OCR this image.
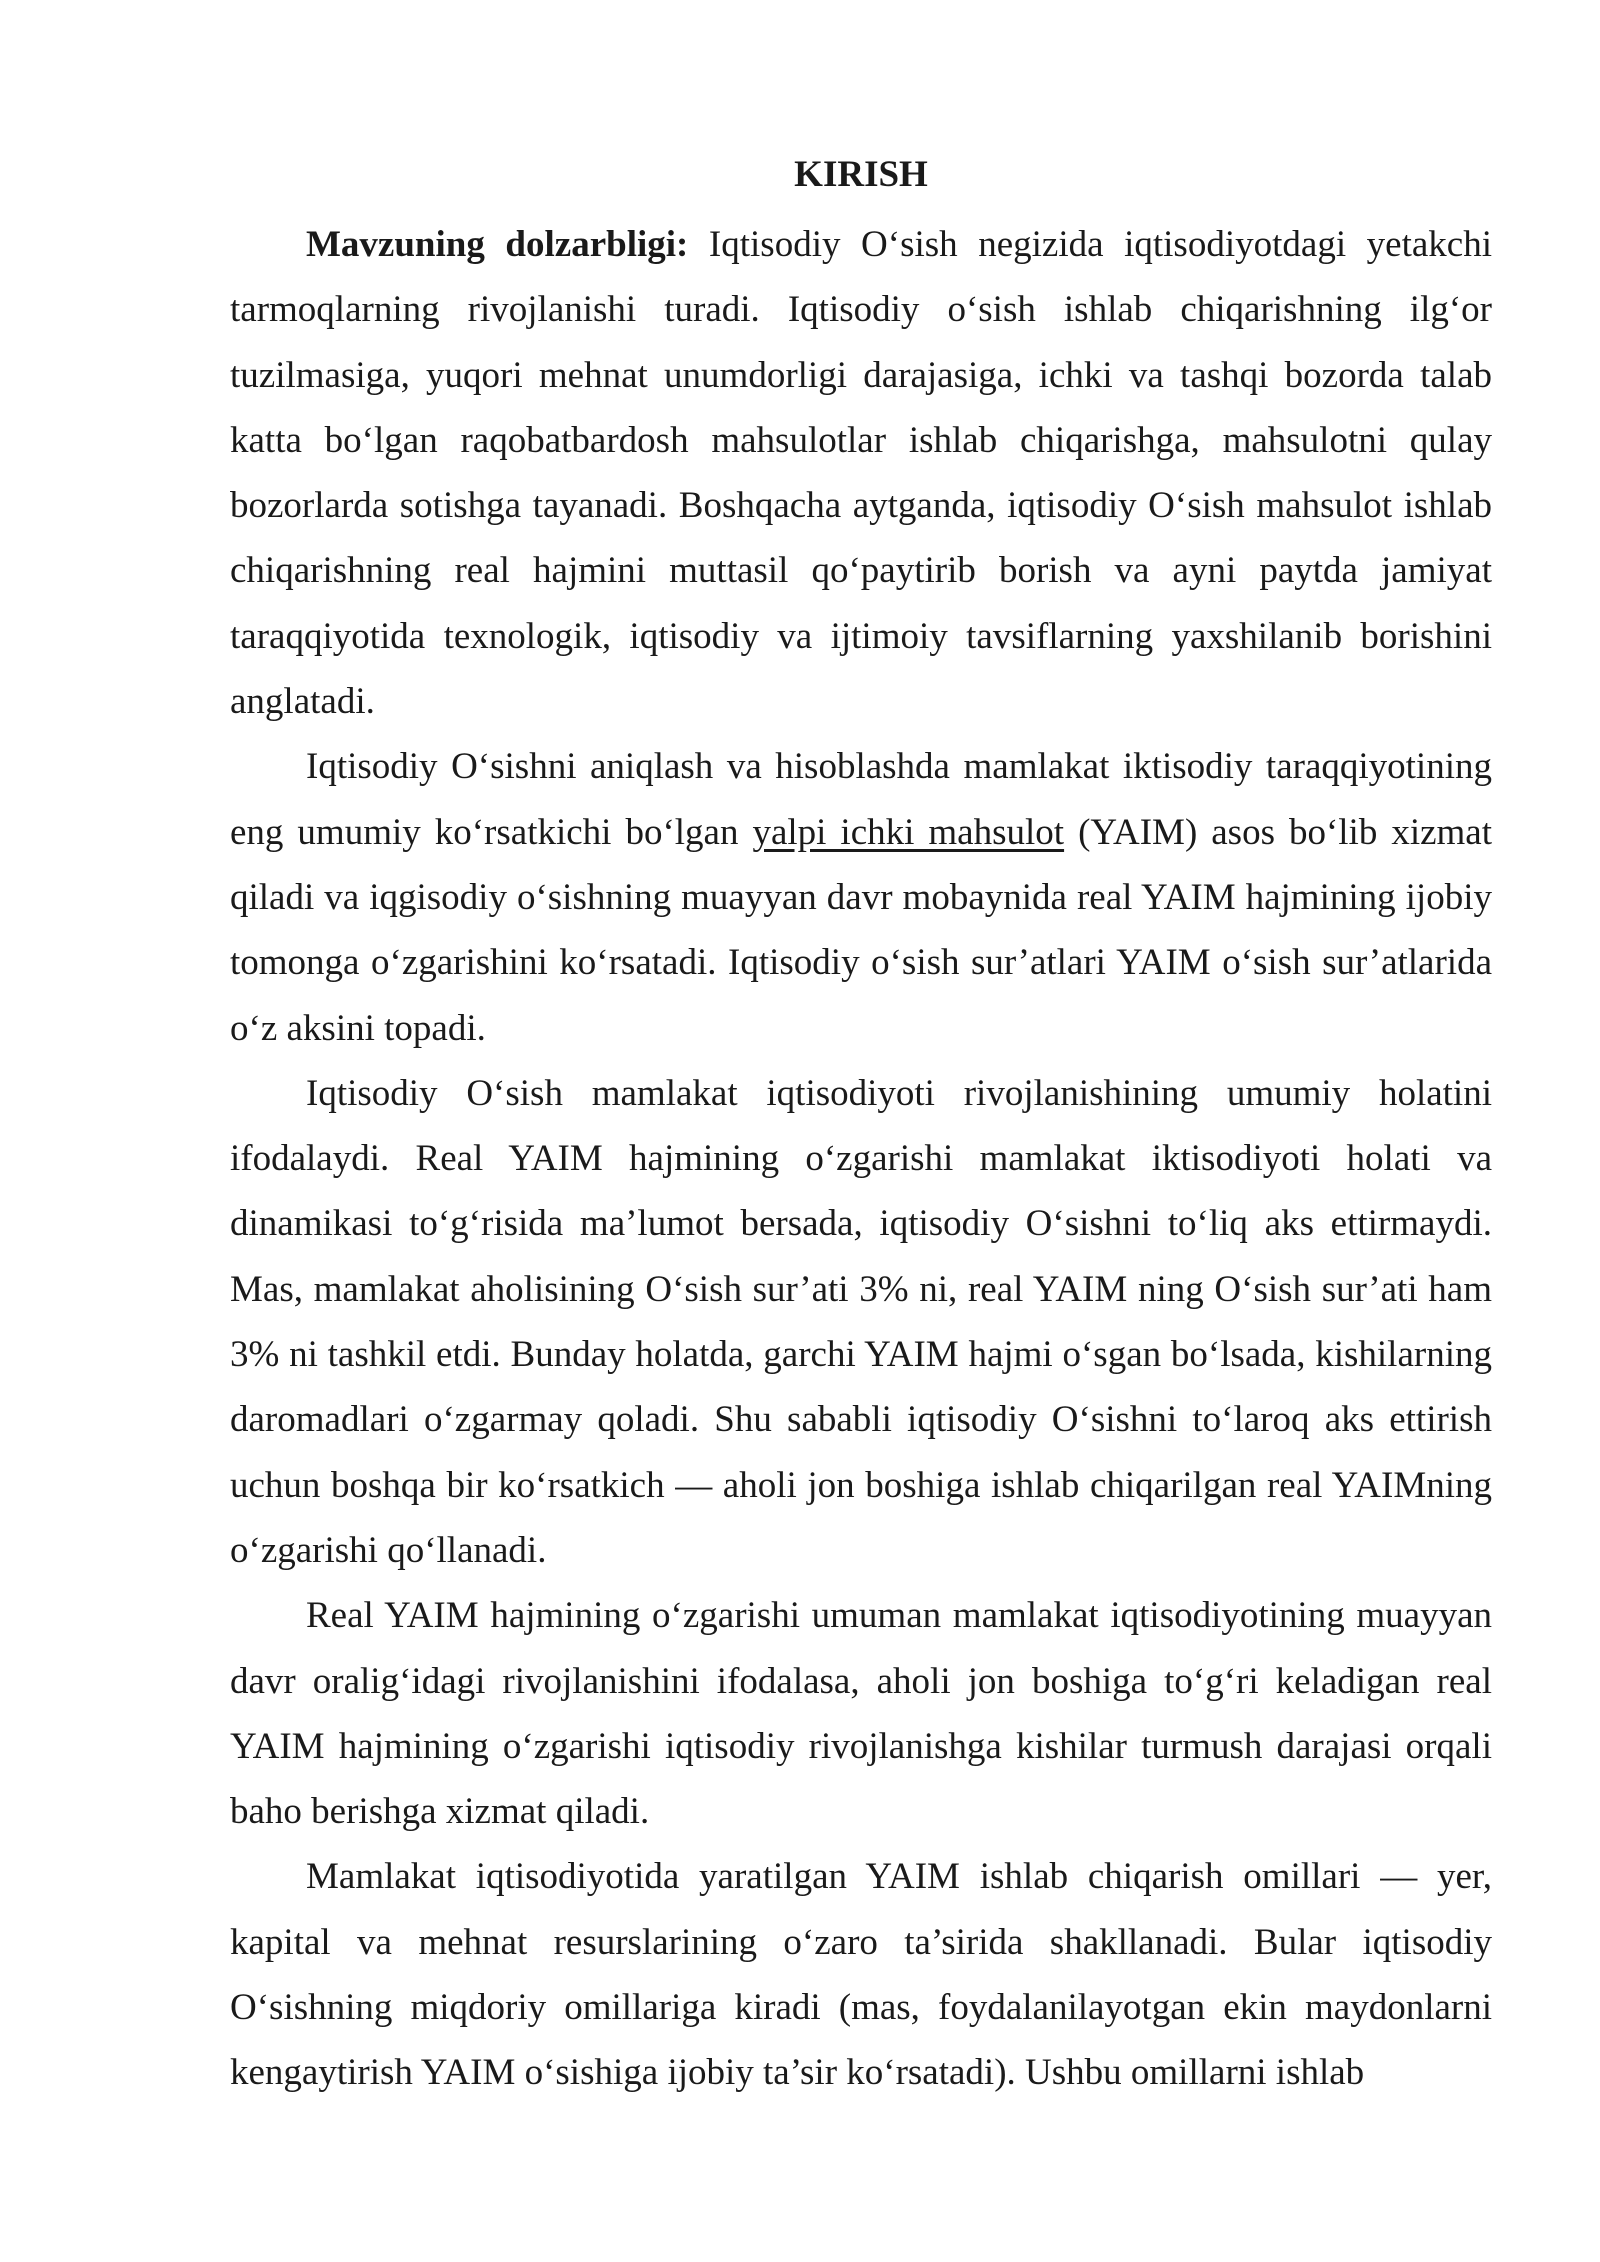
KIRISH

Mavzuning dolzarbligi: Iqtisodiy O‘sish negizida iqtisodiyotdagi yetakchi tarmoqlarning rivojlanishi turadi. Iqtisodiy o‘sish ishlab chiqarishning ilg‘or tuzilmasiga, yuqori mehnat unumdorligi darajasiga, ichki va tashqi bozorda talab katta bo‘lgan raqobatbardosh mahsulotlar ishlab chiqarishga, mahsulotni qulay bozorlarda sotishga tayanadi. Boshqacha aytganda, iqtisodiy O‘sish mahsulot ishlab chiqarishning real hajmini muttasil qo‘paytirib borish va ayni paytda jamiyat taraqqiyotida texnologik, iqtisodiy va ijtimoiy tavsiflarning yaxshilanib borishini anglatadi.

Iqtisodiy O‘sishni aniqlash va hisoblashda mamlakat iktisodiy taraqqiyotining eng umumiy ko‘rsatkichi bo‘lgan yalpi ichki mahsulot (YAIM) asos bo‘lib xizmat qiladi va iqgisodiy o‘sishning muayyan davr mobaynida real YAIM hajmining ijobiy tomonga o‘zgarishini ko‘rsatadi. Iqtisodiy o‘sish sur’atlari YAIM o‘sish sur’atlarida o‘z aksini topadi.

Iqtisodiy O‘sish mamlakat iqtisodiyoti rivojlanishining umumiy holatini ifodalaydi. Real YAIM hajmining o‘zgarishi mamlakat iktisodiyoti holati va dinamikasi to‘g‘risida ma’lumot bersada, iqtisodiy O‘sishni to‘liq aks ettirmaydi. Mas, mamlakat aholisining O‘sish sur’ati 3% ni, real YAIM ning O‘sish sur’ati ham 3% ni tashkil etdi. Bunday holatda, garchi YAIM hajmi o‘sgan bo‘lsada, kishilarning daromadlari o‘zgarmay qoladi. Shu sababli iqtisodiy O‘sishni to‘laroq aks ettirish uchun boshqa bir ko‘rsatkich — aholi jon boshiga ishlab chiqarilgan real YAIMning o‘zgarishi qo‘llanadi.

Real YAIM hajmining o‘zgarishi umuman mamlakat iqtisodiyotining muayyan davr oralig‘idagi rivojlanishini ifodalasa, aholi jon boshiga to‘g‘ri keladigan real YAIM hajmining o‘zgarishi iqtisodiy rivojlanishga kishilar turmush darajasi orqali baho berishga xizmat qiladi.

Mamlakat iqtisodiyotida yaratilgan YAIM ishlab chiqarish omillari — yer, kapital va mehnat resurslarining o‘zaro ta’sirida shakllanadi. Bular iqtisodiy O‘sishning miqdoriy omillariga kiradi (mas, foydalanilayotgan ekin maydonlarni kengaytirish YAIM o‘sishiga ijobiy ta’sir ko‘rsatadi). Ushbu omillarni ishlab
